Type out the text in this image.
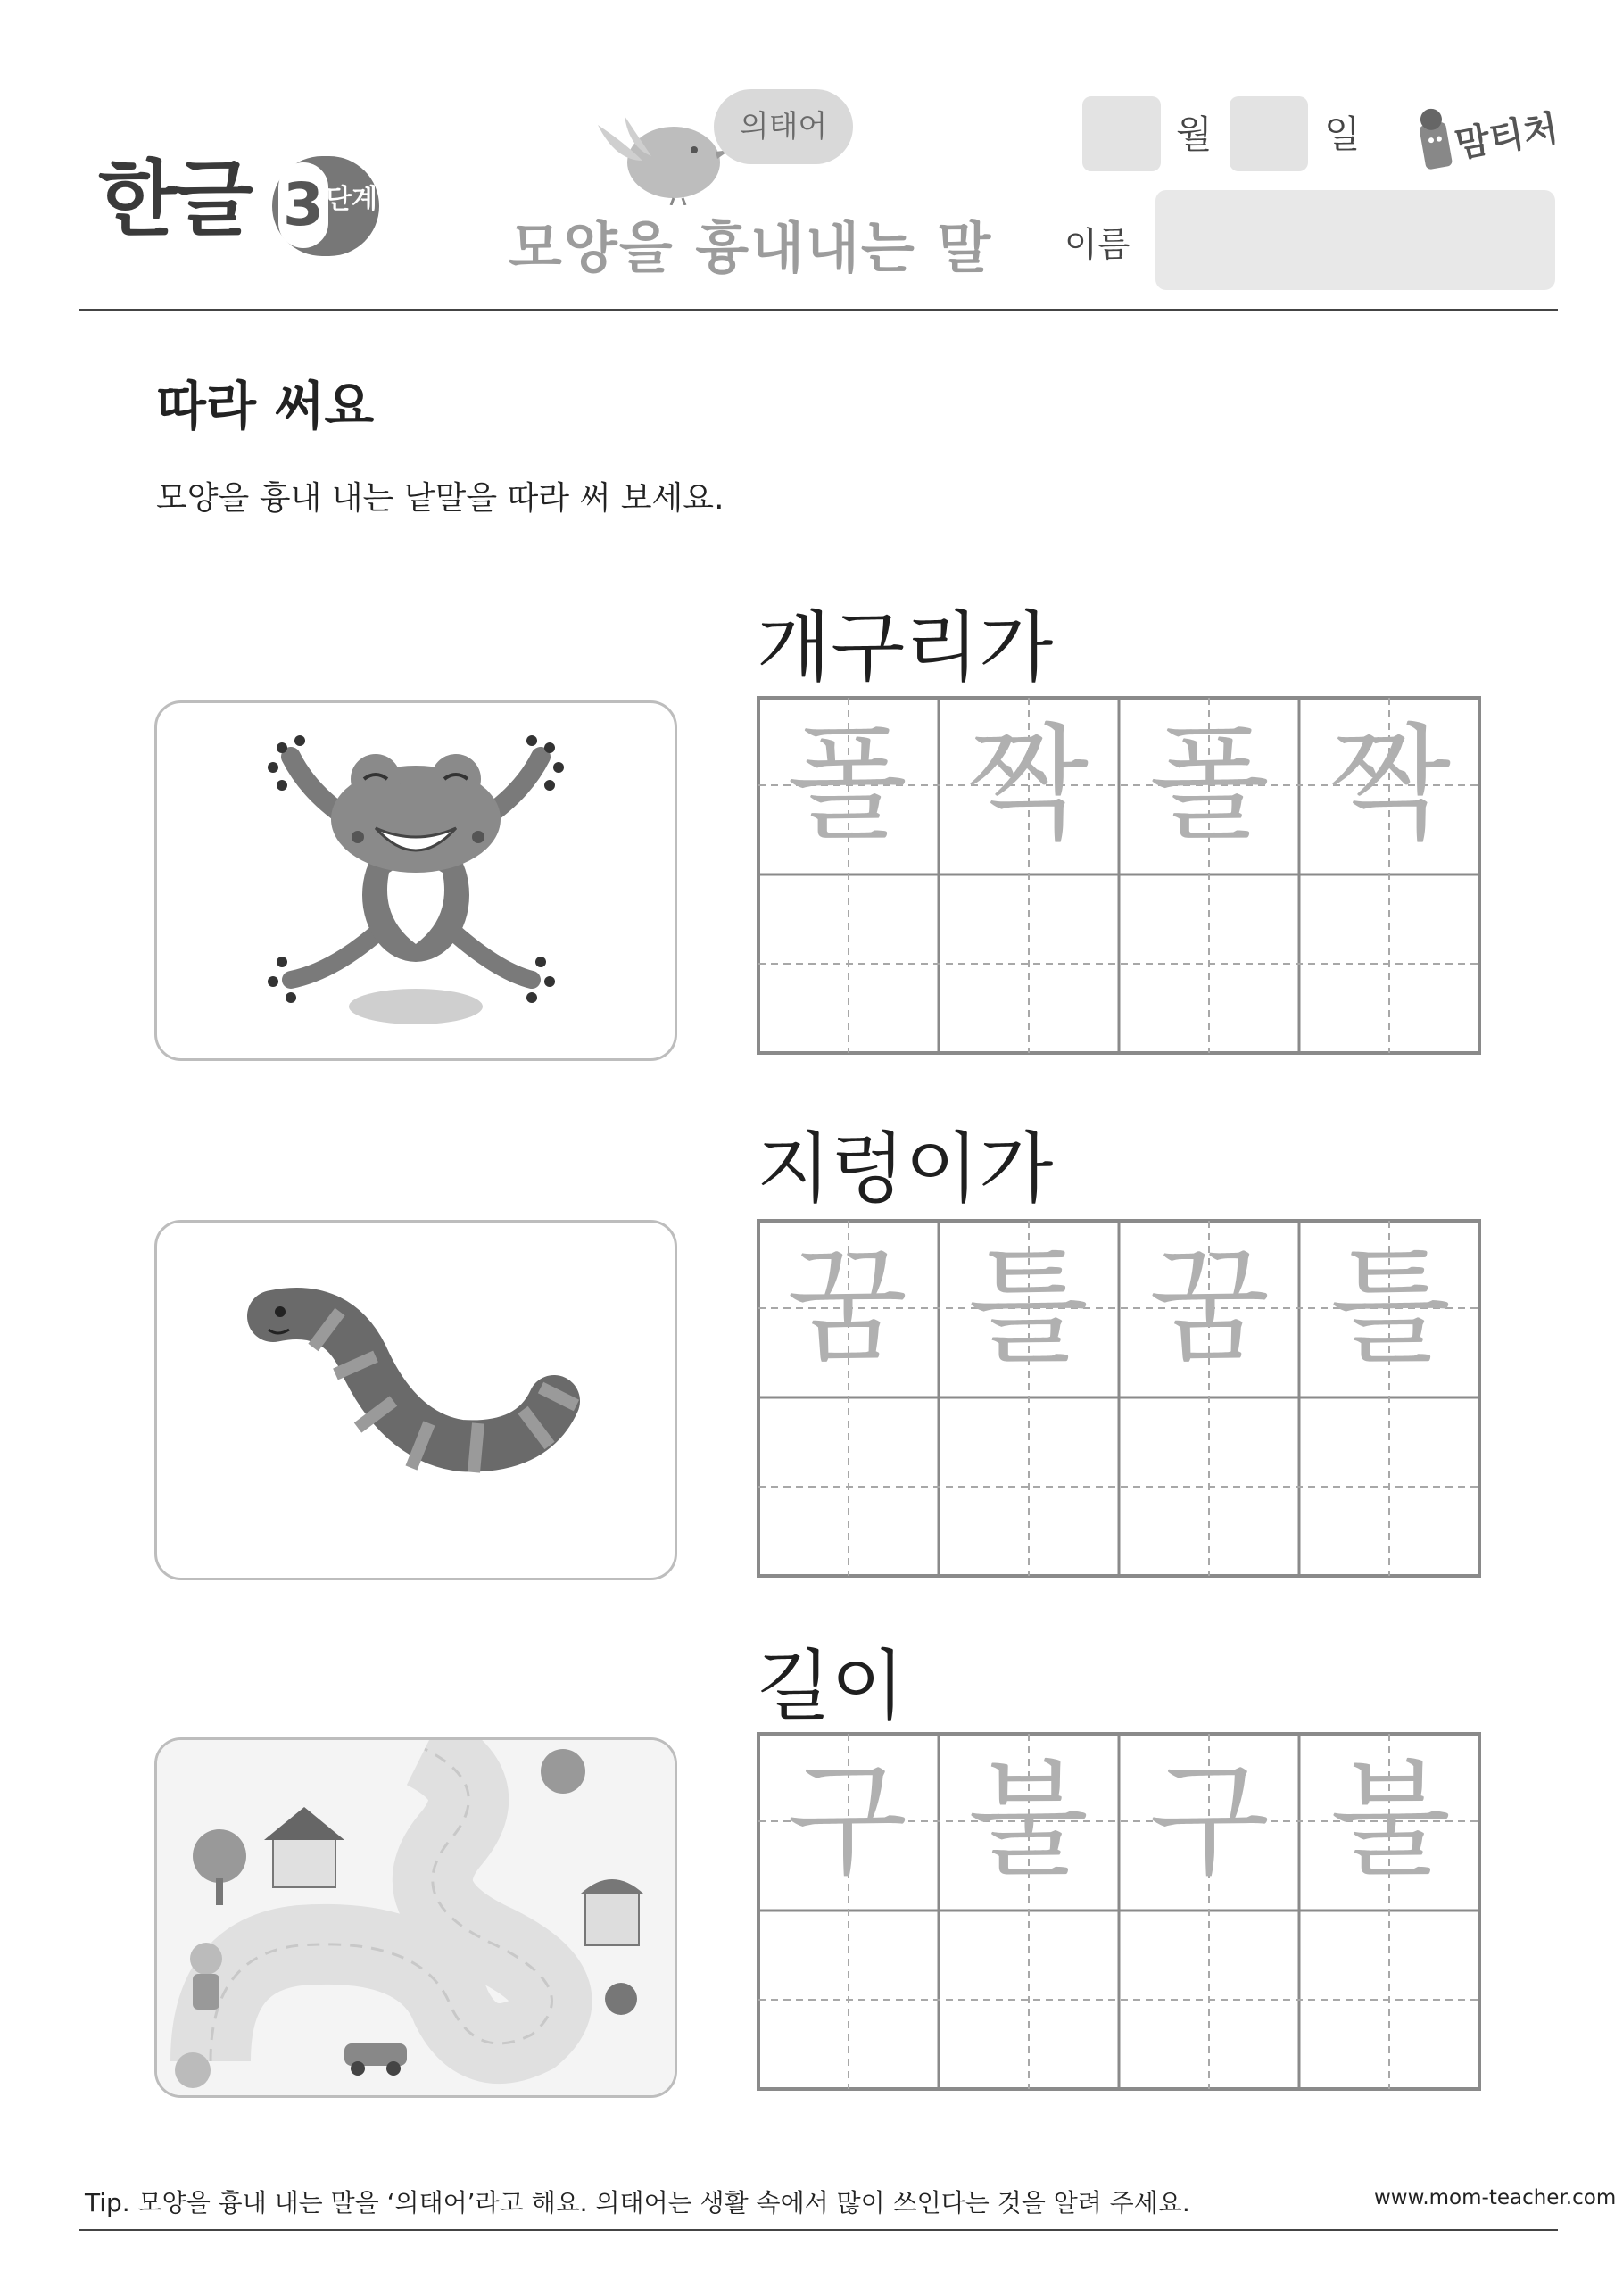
한글 3 단계
의태어
모양을 흉내내는 말
월	일	맘티처
이름
따라 써요
모양을 흉내 내는 낱말을 따라 써 보세요.
개구리가
폴 짝 폴 짝
지렁이가
꿈 틀 꿈 틀
길이
구 불 구 불
Tip. 모양을 흉내 내는 말을 ‘의태어’라고 해요. 의태어는 생활 속에서 많이 쓰인다는 것을 알려 주세요.	www.mom-teacher.com
